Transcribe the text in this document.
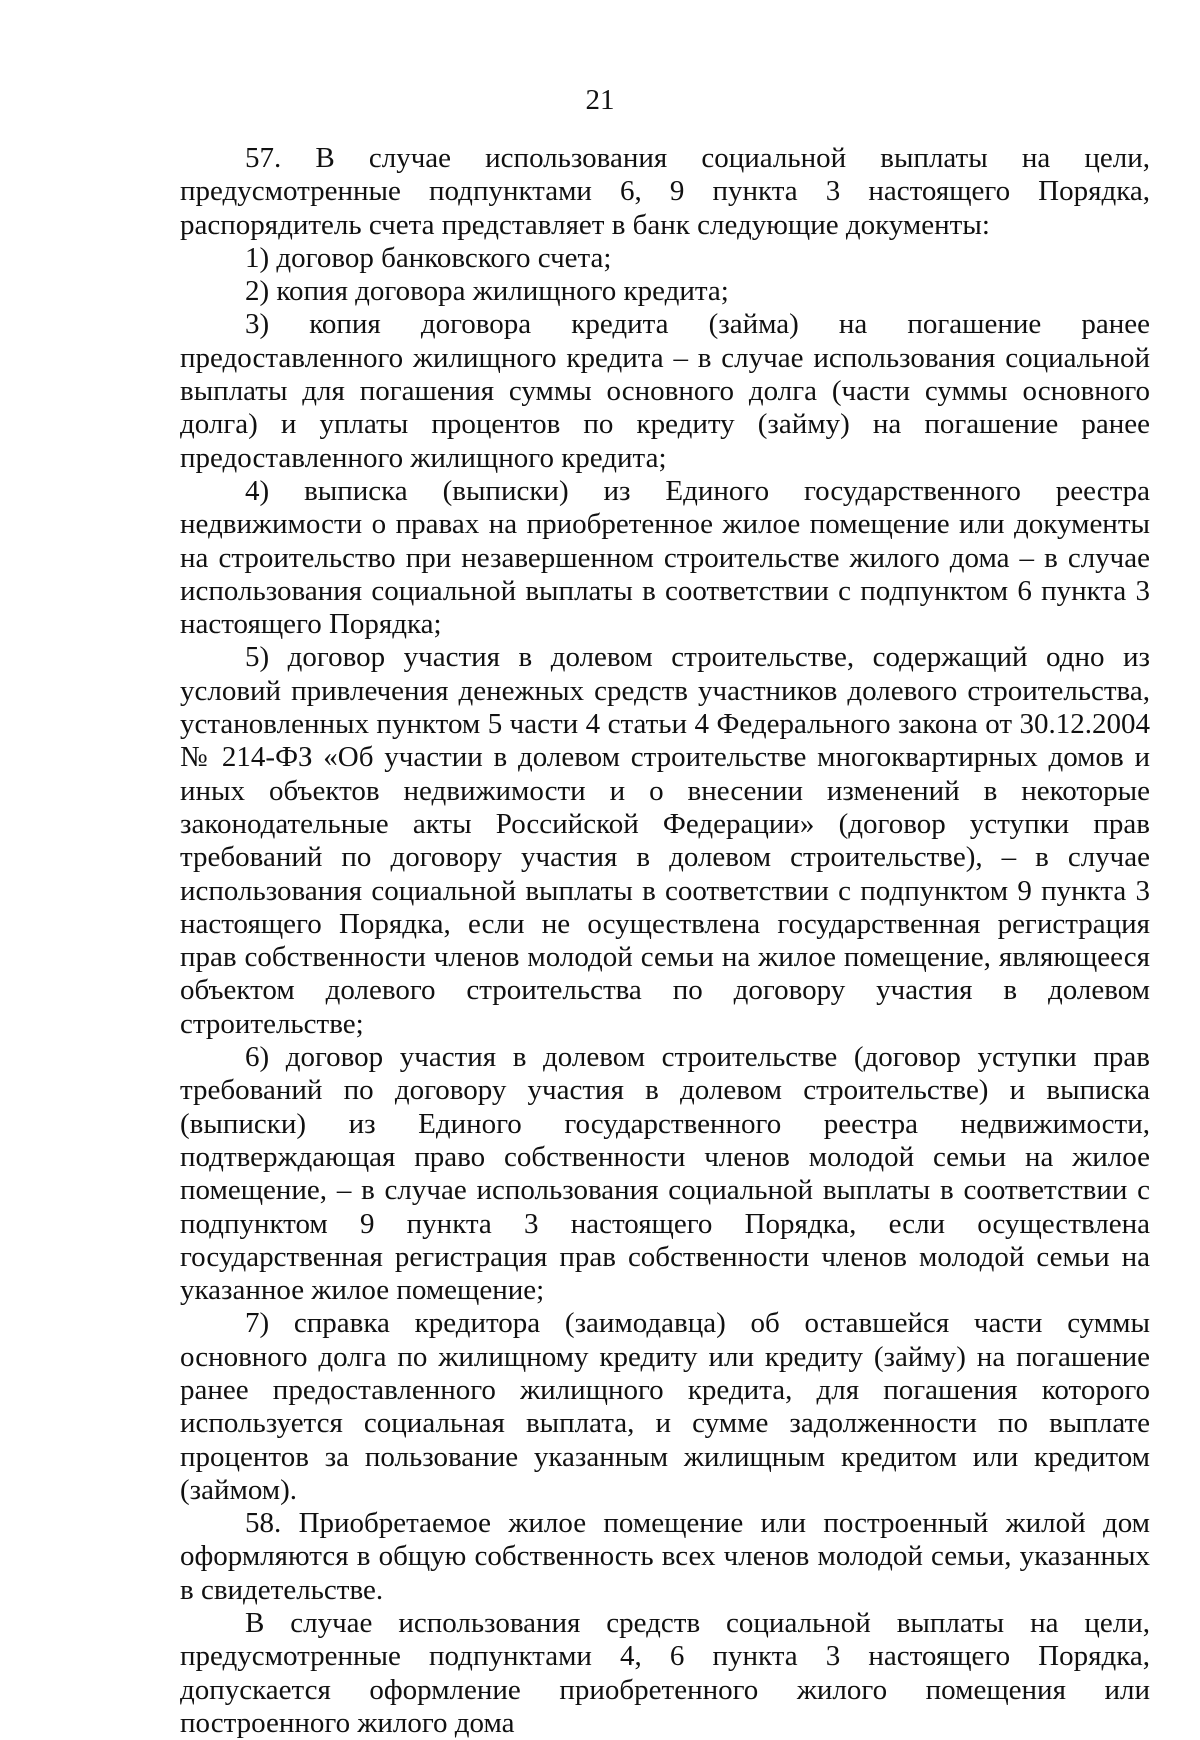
21

57. В случае использования социальной выплаты на цели, предусмотренные подпунктами 6, 9 пункта 3 настоящего Порядка, распорядитель счета представляет в банк следующие документы:

1) договор банковского счета;

2) копия договора жилищного кредита;

3) копия договора кредита (займа) на погашение ранее предоставленного жилищного кредита – в случае использования социальной выплаты для погашения суммы основного долга (части суммы основного долга) и уплаты процентов по кредиту (займу) на погашение ранее предоставленного жилищного кредита;

4) выписка (выписки) из Единого государственного реестра недвижимости о правах на приобретенное жилое помещение или документы на строительство при незавершенном строительстве жилого дома – в случае использования социальной выплаты в соответствии с подпунктом 6 пункта 3 настоящего Порядка;

5) договор участия в долевом строительстве, содержащий одно из условий привлечения денежных средств участников долевого строительства, установленных пунктом 5 части 4 статьи 4 Федерального закона от 30.12.2004 № 214-ФЗ «Об участии в долевом строительстве многоквартирных домов и иных объектов недвижимости и о внесении изменений в некоторые законодательные акты Российской Федерации» (договор уступки прав требований по договору участия в долевом строительстве), – в случае использования социальной выплаты в соответствии с подпунктом 9 пункта 3 настоящего Порядка, если не осуществлена государственная регистрация прав собственности членов молодой семьи на жилое помещение, являющееся объектом долевого строительства по договору участия в долевом строительстве;

6) договор участия в долевом строительстве (договор уступки прав требований по договору участия в долевом строительстве) и выписка (выписки) из Единого государственного реестра недвижимости, подтверждающая право собственности членов молодой семьи на жилое помещение, – в случае использования социальной выплаты в соответствии с подпунктом 9 пункта 3 настоящего Порядка, если осуществлена государственная регистрация прав собственности членов молодой семьи на указанное жилое помещение;

7) справка кредитора (заимодавца) об оставшейся части суммы основного долга по жилищному кредиту или кредиту (займу) на погашение ранее предоставленного жилищного кредита, для погашения которого используется социальная выплата, и сумме задолженности по выплате процентов за пользование указанным жилищным кредитом или кредитом (займом).

58. Приобретаемое жилое помещение или построенный жилой дом оформляются в общую собственность всех членов молодой семьи, указанных в свидетельстве.

В случае использования средств социальной выплаты на цели, предусмотренные подпунктами 4, 6 пункта 3 настоящего Порядка, допускается оформление приобретенного жилого помещения или построенного жилого дома
